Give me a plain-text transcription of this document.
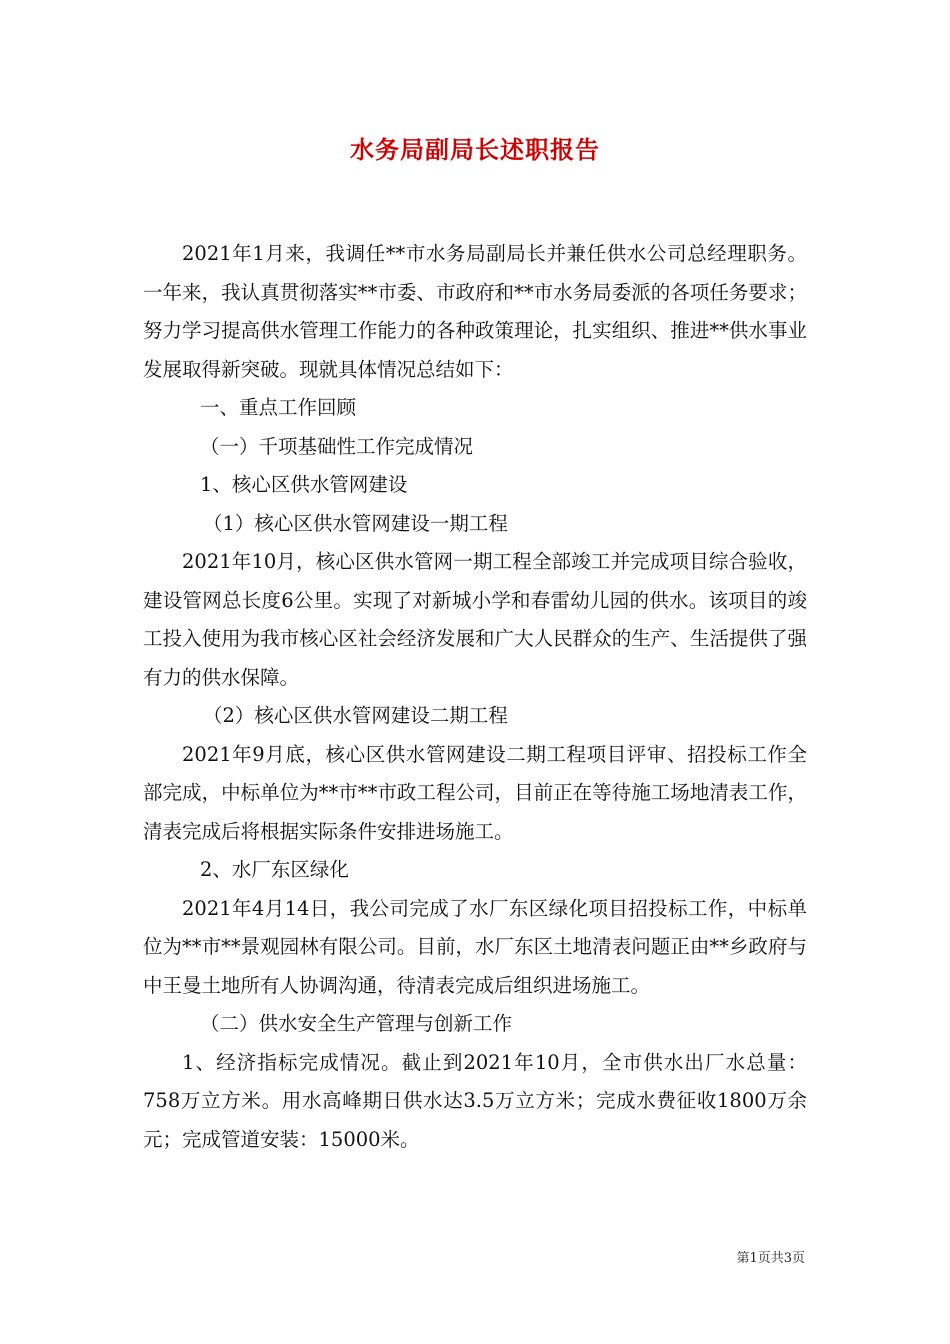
水务局副局长述职报告

2021年1月来，我调任**市水务局副局长并兼任供水公司总经理职务。一年来，我认真贯彻落实**市委、市政府和**市水务局委派的各项任务要求；努力学习提高供水管理工作能力的各种政策理论，扎实组织、推进**供水事业发展取得新突破。现就具体情况总结如下：

一、重点工作回顾

（一）千项基础性工作完成情况

1、核心区供水管网建设

（1）核心区供水管网建设一期工程

2021年10月，核心区供水管网一期工程全部竣工并完成项目综合验收，建设管网总长度6公里。实现了对新城小学和春雷幼儿园的供水。该项目的竣工投入使用为我市核心区社会经济发展和广大人民群众的生产、生活提供了强有力的供水保障。

（2）核心区供水管网建设二期工程

2021年9月底，核心区供水管网建设二期工程项目评审、招投标工作全部完成，中标单位为**市**市政工程公司，目前正在等待施工场地清表工作，清表完成后将根据实际条件安排进场施工。

2、水厂东区绿化

2021年4月14日，我公司完成了水厂东区绿化项目招投标工作，中标单位为**市**景观园林有限公司。目前，水厂东区土地清表问题正由**乡政府与中王曼土地所有人协调沟通，待清表完成后组织进场施工。

（二）供水安全生产管理与创新工作

1、经济指标完成情况。截止到2021年10月，全市供水出厂水总量：758万立方米。用水高峰期日供水达3.5万立方米；完成水费征收1800万余元；完成管道安装：15000米。

第1页共3页
